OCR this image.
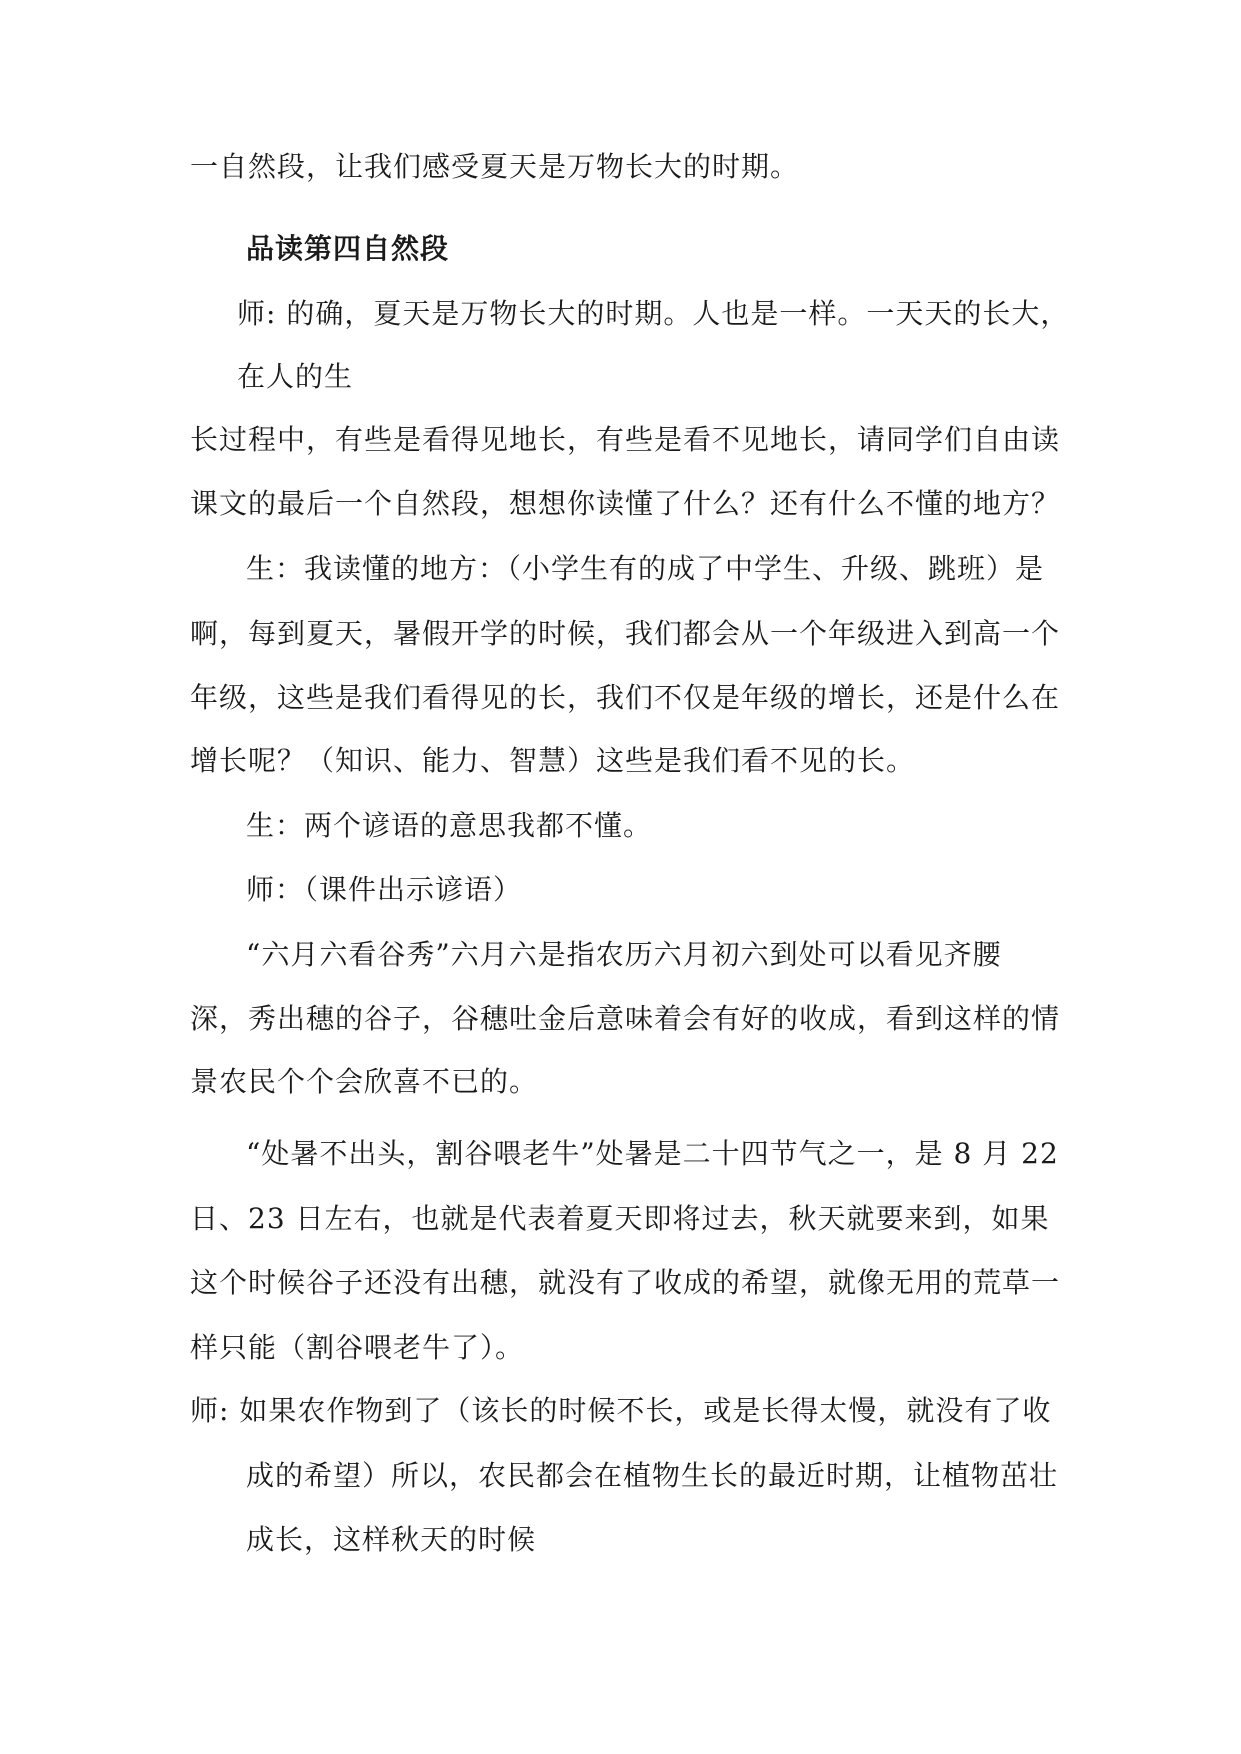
一自然段，让我们感受夏天是万物长大的时期。

品读第四自然段

师: 的确，夏天是万物长大的时期。人也是一样。一天天的长大，

在人的生

长过程中，有些是看得见地长，有些是看不见地长，请同学们自由读

课文的最后一个自然段，想想你读懂了什么？还有什么不懂的地方？

生：我读懂的地方：（小学生有的成了中学生、升级、跳班）是

啊，每到夏天，暑假开学的时候，我们都会从一个年级进入到高一个

年级，这些是我们看得见的长，我们不仅是年级的增长，还是什么在

增长呢？（知识、能力、智慧）这些是我们看不见的长。

生：两个谚语的意思我都不懂。

师：（课件出示谚语）

“六月六看谷秀”六月六是指农历六月初六到处可以看见齐腰

深，秀出穗的谷子，谷穗吐金后意味着会有好的收成，看到这样的情

景农民个个会欣喜不已的。

“处暑不出头，割谷喂老牛”处暑是二十四节气之一，是 8 月 22

日、23 日左右，也就是代表着夏天即将过去，秋天就要来到，如果

这个时候谷子还没有出穗，就没有了收成的希望，就像无用的荒草一

样只能（割谷喂老牛了）。

师: 如果农作物到了（该长的时候不长，或是长得太慢，就没有了收

成的希望）所以，农民都会在植物生长的最近时期，让植物茁壮

成长，这样秋天的时候
